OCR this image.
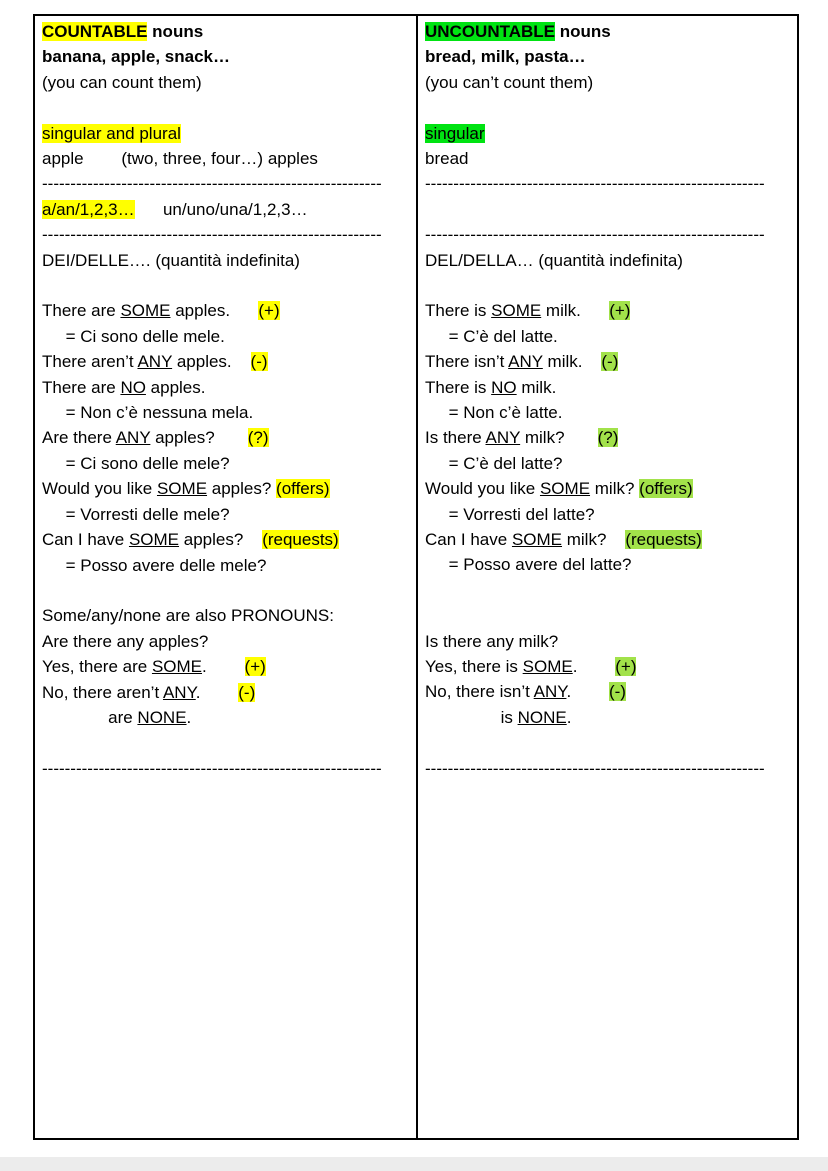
COUNTABLE nouns
banana, apple, snack…
(you can count them)
singular and plural
apple        (two, three, four…) apples
------------------------------------------------------------
a/an/1,2,3…      un/uno/una/1,2,3…
------------------------------------------------------------
DEI/DELLE…. (quantità indefinita)
There are SOME apples.      (+)
= Ci sono delle mele.
There aren’t ANY apples.    (-)
There are NO apples.
= Non c’è nessuna mela.
Are there ANY apples?       (?)
= Ci sono delle mele?
Would you like SOME apples? (offers)
= Vorresti delle mele?
Can I have SOME apples?    (requests)
= Posso avere delle mele?
Some/any/none are also PRONOUNS:
Are there any apples?
Yes, there are SOME.        (+)
No, there aren’t ANY.        (-)
are NONE.
------------------------------------------------------------
UNCOUNTABLE nouns
bread, milk, pasta…
(you can’t count them)
singular
bread
------------------------------------------------------------
------------------------------------------------------------
DEL/DELLA… (quantità indefinita)
There is SOME milk.      (+)
= C’è del latte.
There isn’t ANY milk.    (-)
There is NO milk.
= Non c’è latte.
Is there ANY milk?       (?)
= C’è del latte?
Would you like SOME milk? (offers)
= Vorresti del latte?
Can I have SOME milk?    (requests)
= Posso avere del latte?
Is there any milk?
Yes, there is SOME.        (+)
No, there isn’t ANY.        (-)
is NONE.
------------------------------------------------------------
